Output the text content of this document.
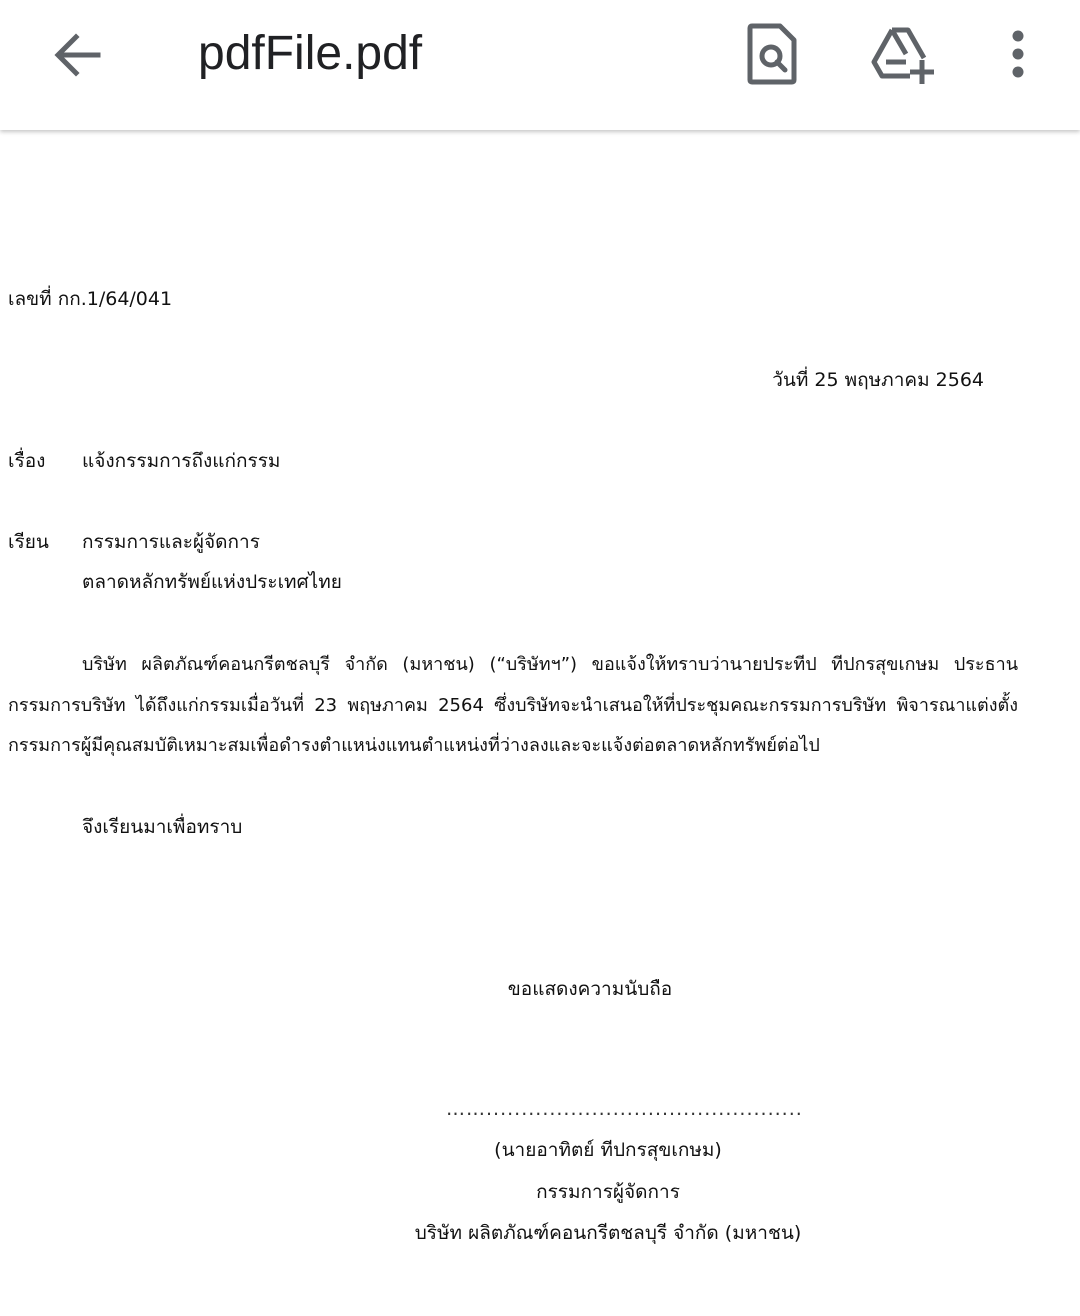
pdfFile.pdf
เลขที่ กก.1/64/041
วันที่ 25 พฤษภาคม 2564
เรื่อง แจ้งกรรมการถึงแก่กรรม
เรียน กรรมการและผู้จัดการ
ตลาดหลักทรัพย์แห่งประเทศไทย
บริษัท ผลิตภัณฑ์คอนกรีตชลบุรี จำกัด (มหาชน) (“บริษัทฯ”) ขอแจ้งให้ทราบว่านายประทีป ทีปกรสุขเกษม ประธานกรรมการบริษัท ได้ถึงแก่กรรมเมื่อวันที่ 23 พฤษภาคม 2564 ซึ่งบริษัทจะนำเสนอให้ที่ประชุมคณะกรรมการบริษัท พิจารณาแต่งตั้งกรรมการผู้มีคุณสมบัติเหมาะสมเพื่อดำรงตำแหน่งแทนตำแหน่งที่ว่างลงและจะแจ้งต่อตลาดหลักทรัพย์ต่อไป
จึงเรียนมาเพื่อทราบ
ขอแสดงความนับถือ
…….............................................
(นายอาทิตย์ ทีปกรสุขเกษม)
กรรมการผู้จัดการ
บริษัท ผลิตภัณฑ์คอนกรีตชลบุรี จำกัด (มหาชน)
